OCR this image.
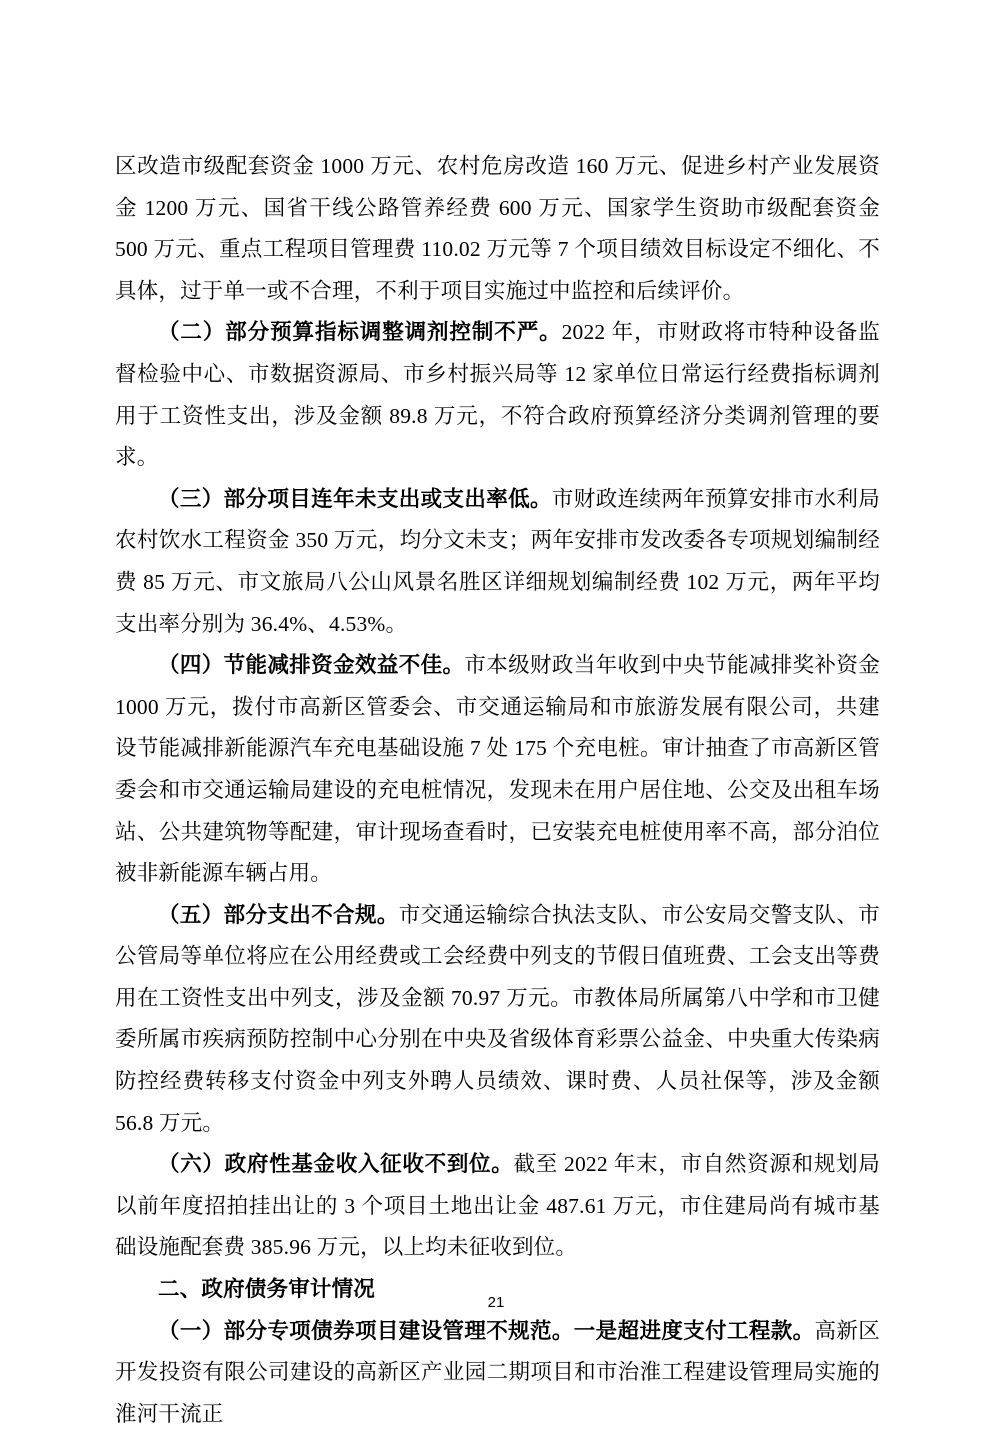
区改造市级配套资金 1000 万元、农村危房改造 160 万元、促进乡村产业发展资金 1200 万元、国省干线公路管养经费 600 万元、国家学生资助市级配套资金 500 万元、重点工程项目管理费 110.02 万元等 7 个项目绩效目标设定不细化、不具体，过于单一或不合理，不利于项目实施过中监控和后续评价。

（二）部分预算指标调整调剂控制不严。2022 年，市财政将市特种设备监督检验中心、市数据资源局、市乡村振兴局等 12 家单位日常运行经费指标调剂用于工资性支出，涉及金额 89.8 万元，不符合政府预算经济分类调剂管理的要求。

（三）部分项目连年未支出或支出率低。市财政连续两年预算安排市水利局农村饮水工程资金 350 万元，均分文未支；两年安排市发改委各专项规划编制经费 85 万元、市文旅局八公山风景名胜区详细规划编制经费 102 万元，两年平均支出率分别为 36.4%、4.53%。

（四）节能减排资金效益不佳。市本级财政当年收到中央节能减排奖补资金 1000 万元，拨付市高新区管委会、市交通运输局和市旅游发展有限公司，共建设节能减排新能源汽车充电基础设施 7 处 175 个充电桩。审计抽查了市高新区管委会和市交通运输局建设的充电桩情况，发现未在用户居住地、公交及出租车场站、公共建筑物等配建，审计现场查看时，已安装充电桩使用率不高，部分泊位被非新能源车辆占用。

（五）部分支出不合规。市交通运输综合执法支队、市公安局交警支队、市公管局等单位将应在公用经费或工会经费中列支的节假日值班费、工会支出等费用在工资性支出中列支，涉及金额 70.97 万元。市教体局所属第八中学和市卫健委所属市疾病预防控制中心分别在中央及省级体育彩票公益金、中央重大传染病防控经费转移支付资金中列支外聘人员绩效、课时费、人员社保等，涉及金额 56.8 万元。

（六）政府性基金收入征收不到位。截至 2022 年末，市自然资源和规划局以前年度招拍挂出让的 3 个项目土地出让金 487.61 万元，市住建局尚有城市基础设施配套费 385.96 万元，以上均未征收到位。

二、政府债务审计情况

（一）部分专项债券项目建设管理不规范。一是超进度支付工程款。高新区开发投资有限公司建设的高新区产业园二期项目和市治淮工程建设管理局实施的淮河干流正

21
